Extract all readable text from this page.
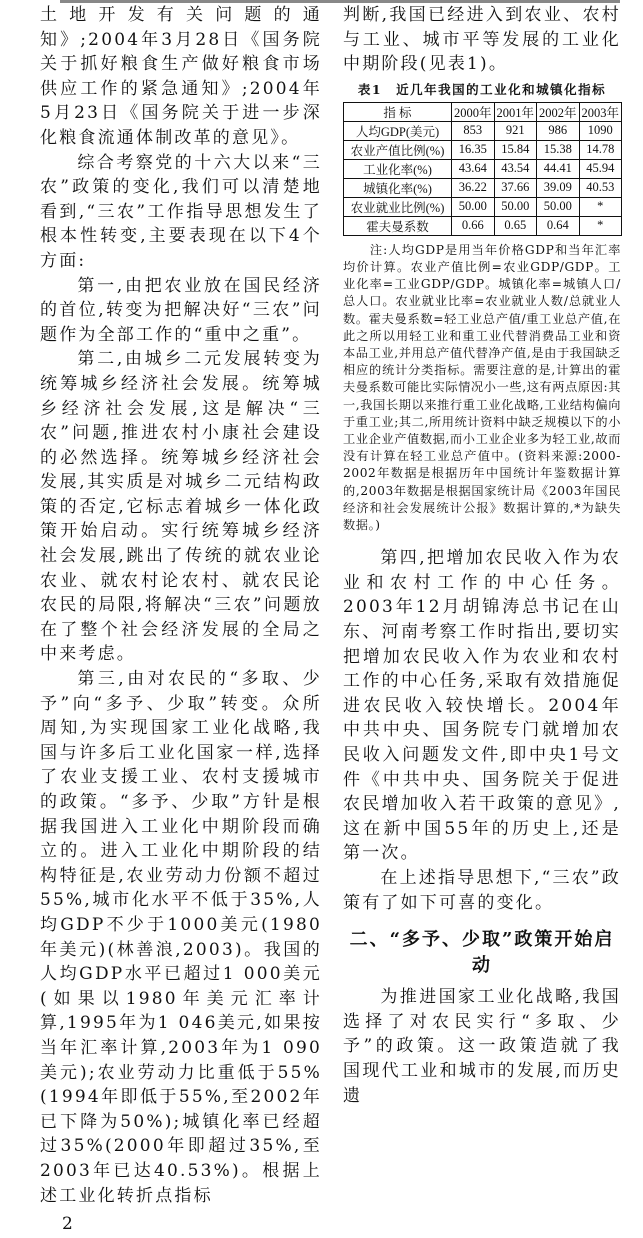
土地开发有关问题的通知》;2004年3月28日《国务院关于抓好粮食生产做好粮食市场供应工作的紧急通知》;2004年5月23日《国务院关于进一步深化粮食流通体制改革的意见》。

综合考察党的十六大以来“三农”政策的变化,我们可以清楚地看到,“三农”工作指导思想发生了根本性转变,主要表现在以下4个方面:

第一,由把农业放在国民经济的首位,转变为把解决好“三农”问题作为全部工作的“重中之重”。

第二,由城乡二元发展转变为统筹城乡经济社会发展。统筹城乡经济社会发展,这是解决“三农”问题,推进农村小康社会建设的必然选择。统筹城乡经济社会发展,其实质是对城乡二元结构政策的否定,它标志着城乡一体化政策开始启动。实行统筹城乡经济社会发展,跳出了传统的就农业论农业、就农村论农村、就农民论农民的局限,将解决“三农”问题放在了整个社会经济发展的全局之中来考虑。

第三,由对农民的“多取、少予”向“多予、少取”转变。众所周知,为实现国家工业化战略,我国与许多后工业化国家一样,选择了农业支援工业、农村支援城市的政策。“多予、少取”方针是根据我国进入工业化中期阶段而确立的。进入工业化中期阶段的结构特征是,农业劳动力份额不超过55%,城市化水平不低于35%,人均GDP不少于1000美元(1980年美元)(林善浪,2003)。我国的人均GDP水平已超过1 000美元(如果以1980年美元汇率计算,1995年为1 046美元,如果按当年汇率计算,2003年为1 090美元);农业劳动力比重低于55%(1994年即低于55%,至2002年已下降为50%);城镇化率已经超过35%(2000年即超过35%,至2003年已达40.53%)。根据上述工业化转折点指标

判断,我国已经进入到农业、农村与工业、城市平等发展的工业化中期阶段(见表1)。

表1　近几年我国的工业化和城镇化指标
指 标	2000年	2001年	2002年	2003年
人均GDP(美元)	853	921	986	1090
农业产值比例(%)	16.35	15.84	15.38	14.78
工业化率(%)	43.64	43.54	44.41	45.94
城镇化率(%)	36.22	37.66	39.09	40.53
农业就业比例(%)	50.00	50.00	50.00	*
霍夫曼系数	0.66	0.65	0.64	*

注:人均GDP是用当年价格GDP和当年汇率均价计算。农业产值比例=农业GDP/GDP。工业化率=工业GDP/GDP。城镇化率=城镇人口/总人口。农业就业比率=农业就业人数/总就业人数。霍夫曼系数=轻工业总产值/重工业总产值,在此之所以用轻工业和重工业代替消费品工业和资本品工业,并用总产值代替净产值,是由于我国缺乏相应的统计分类指标。需要注意的是,计算出的霍夫曼系数可能比实际情况小一些,这有两点原因:其一,我国长期以来推行重工业化战略,工业结构偏向于重工业;其二,所用统计资料中缺乏规模以下的小工业企业产值数据,而小工业企业多为轻工业,故而没有计算在轻工业总产值中。(资料来源:2000-2002年数据是根据历年中国统计年鉴数据计算的,2003年数据是根据国家统计局《2003年国民经济和社会发展统计公报》数据计算的,*为缺失数据。)

第四,把增加农民收入作为农业和农村工作的中心任务。2003年12月胡锦涛总书记在山东、河南考察工作时指出,要切实把增加农民收入作为农业和农村工作的中心任务,采取有效措施促进农民收入较快增长。2004年中共中央、国务院专门就增加农民收入问题发文件,即中央1号文件《中共中央、国务院关于促进农民增加收入若干政策的意见》,这在新中国55年的历史上,还是第一次。

在上述指导思想下,“三农”政策有了如下可喜的变化。

二、“多予、少取”政策开始启动

为推进国家工业化战略,我国选择了对农民实行“多取、少予”的政策。这一政策造就了我国现代工业和城市的发展,而历史遗

2
